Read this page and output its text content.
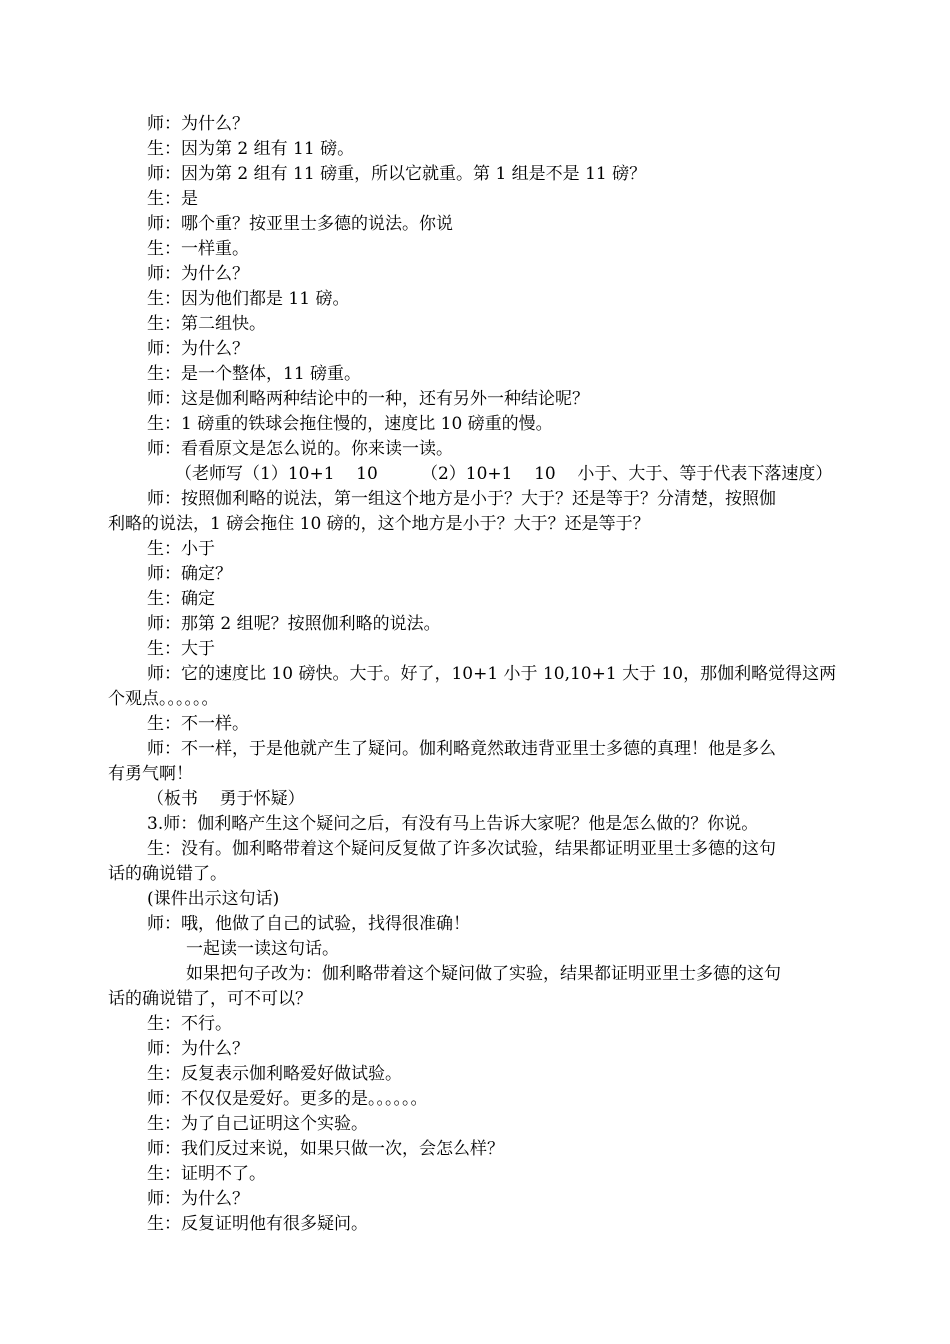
师：为什么？
生：因为第 2 组有 11 磅。
师：因为第 2 组有 11 磅重，所以它就重。第 1 组是不是 11 磅？
生：是
师：哪个重？按亚里士多德的说法。你说
生：一样重。
师：为什么？
生：因为他们都是 11 磅。
生：第二组快。
师：为什么？
生：是一个整体，11 磅重。
师：这是伽利略两种结论中的一种，还有另外一种结论呢？
生：1 磅重的铁球会拖住慢的，速度比 10 磅重的慢。
师：看看原文是怎么说的。你来读一读。
（老师写（1）10+1    10        （2）10+1    10    小于、大于、等于代表下落速度）
师：按照伽利略的说法，第一组这个地方是小于？大于？还是等于？分清楚，按照伽
利略的说法，1 磅会拖住 10 磅的，这个地方是小于？大于？还是等于？
生：小于
师：确定？
生：确定
师：那第 2 组呢？按照伽利略的说法。
生：大于
师：它的速度比 10 磅快。大于。好了，10+1 小于 10,10+1 大于 10，那伽利略觉得这两
个观点。。。。。。
生：不一样。
师：不一样，于是他就产生了疑问。伽利略竟然敢违背亚里士多德的真理！他是多么
有勇气啊！
（板书    勇于怀疑）
3.师：伽利略产生这个疑问之后，有没有马上告诉大家呢？他是怎么做的？你说。
生：没有。伽利略带着这个疑问反复做了许多次试验，结果都证明亚里士多德的这句
话的确说错了。
(课件出示这句话)
师：哦，他做了自己的试验，找得很准确！
一起读一读这句话。
如果把句子改为：伽利略带着这个疑问做了实验，结果都证明亚里士多德的这句
话的确说错了，可不可以？
生：不行。
师：为什么？
生：反复表示伽利略爱好做试验。
师：不仅仅是爱好。更多的是。。。。。。
生：为了自己证明这个实验。
师：我们反过来说，如果只做一次，会怎么样？
生：证明不了。
师：为什么？
生：反复证明他有很多疑问。
